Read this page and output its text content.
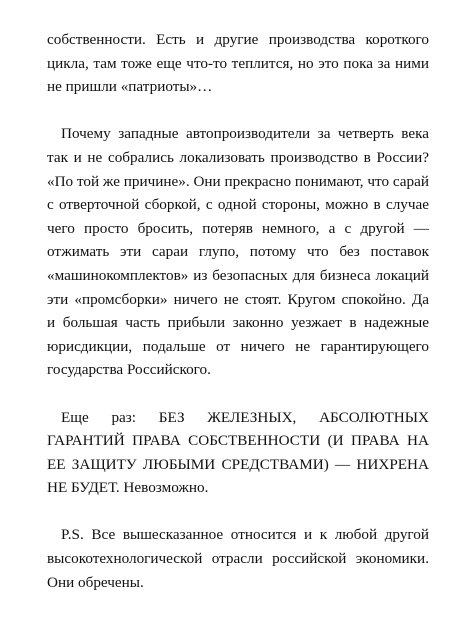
собственности. Есть и другие производства короткого
цикла, там тоже еще что-то теплится, но это пока за ними
не пришли «патриоты»…
Почему западные автопроизводители за четверть века
так и не собрались локализовать производство в России?
«По той же причине». Они прекрасно понимают, что сарай
с отверточной сборкой, с одной стороны, можно в случае
чего просто бросить, потеряв немного, а с другой —
отжимать эти сараи глупо, потому что без поставок
«машинокомплектов» из безопасных для бизнеса локаций
эти «промсборки» ничего не стоят. Кругом спокойно. Да
и большая часть прибыли законно уезжает в надежные
юрисдикции, подальше от ничего не гарантирующего
государства Российского.
Еще раз: БЕЗ ЖЕЛЕЗНЫХ, АБСОЛЮТНЫХ
ГАРАНТИЙ ПРАВА СОБСТВЕННОСТИ (И ПРАВА НА
ЕЕ ЗАЩИТУ ЛЮБЫМИ СРЕДСТВАМИ) — НИХРЕНА
НЕ БУДЕТ. Невозможно.
P.S. Все вышесказанное относится и к любой другой
высокотехнологической отрасли российской экономики.
Они обречены.
